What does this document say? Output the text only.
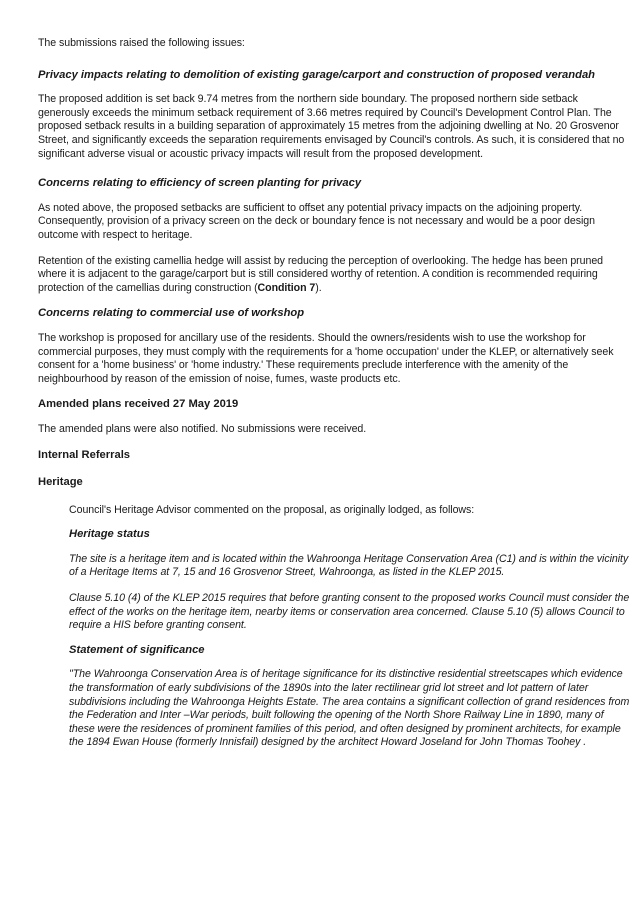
The submissions raised the following issues:

Privacy impacts relating to demolition of existing garage/carport and construction of proposed verandah

The proposed addition is set back 9.74 metres from the northern side boundary. The proposed northern side setback generously exceeds the minimum setback requirement of 3.66 metres required by Council's Development Control Plan. The proposed setback results in a building separation of approximately 15 metres from the adjoining dwelling at No. 20 Grosvenor Street, and significantly exceeds the separation requirements envisaged by Council's controls. As such, it is considered that no significant adverse visual or acoustic privacy impacts will result from the proposed development.

Concerns relating to efficiency of screen planting for privacy

As noted above, the proposed setbacks are sufficient to offset any potential privacy impacts on the adjoining property. Consequently, provision of a privacy screen on the deck or boundary fence is not necessary and would be a poor design outcome with respect to heritage.

Retention of the existing camellia hedge will assist by reducing the perception of overlooking. The hedge has been pruned where it is adjacent to the garage/carport but is still considered worthy of retention. A condition is recommended requiring protection of the camellias during construction (Condition 7).

Concerns relating to commercial use of workshop

The workshop is proposed for ancillary use of the residents. Should the owners/residents wish to use the workshop for commercial purposes, they must comply with the requirements for a 'home occupation' under the KLEP, or alternatively seek consent for a 'home business' or 'home industry.' These requirements preclude interference with the amenity of the neighbourhood by reason of the emission of noise, fumes, waste products etc.

Amended plans received 27 May 2019

The amended plans were also notified. No submissions were received.

Internal Referrals
Heritage

Council's Heritage Advisor commented on the proposal, as originally lodged, as follows:

Heritage status

The site is a heritage item and is located within the Wahroonga Heritage Conservation Area (C1) and is within the vicinity of a Heritage Items at 7, 15 and 16 Grosvenor Street, Wahroonga, as listed in the KLEP 2015.

Clause 5.10 (4) of the KLEP 2015 requires that before granting consent to the proposed works Council must consider the effect of the works on the heritage item, nearby items or conservation area concerned. Clause 5.10 (5) allows Council to require a HIS before granting consent.

Statement of significance

"The Wahroonga Conservation Area is of heritage significance for its distinctive residential streetscapes which evidence the transformation of early subdivisions of the 1890s into the later rectilinear grid lot street and lot pattern of later subdivisions including the Wahroonga Heights Estate. The area contains a significant collection of grand residences from the Federation and Inter –War periods, built following the opening of the North Shore Railway Line in 1890, many of these were the residences of prominent families of this period, and often designed by prominent architects, for example the 1894 Ewan House (formerly Innisfail) designed by the architect Howard Joseland for John Thomas Toohey .
